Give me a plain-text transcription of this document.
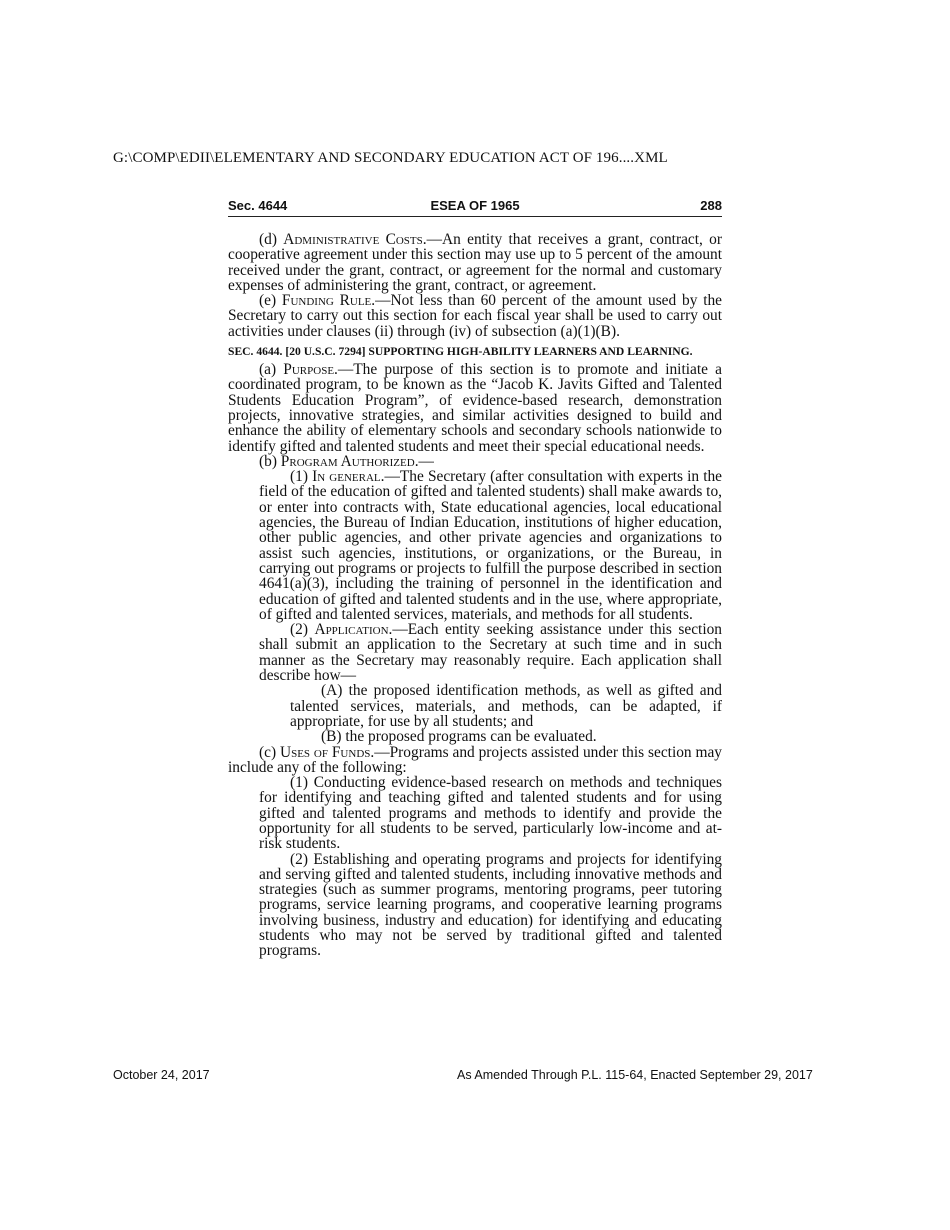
G:\COMP\EDII\ELEMENTARY AND SECONDARY EDUCATION ACT OF 196....XML
Sec. 4644	ESEA OF 1965	288

(d) Administrative Costs.—An entity that receives a grant, contract, or cooperative agreement under this section may use up to 5 percent of the amount received under the grant, contract, or agreement for the normal and customary expenses of administering the grant, contract, or agreement.

(e) Funding Rule.—Not less than 60 percent of the amount used by the Secretary to carry out this section for each fiscal year shall be used to carry out activities under clauses (ii) through (iv) of subsection (a)(1)(B).

SEC. 4644. [20 U.S.C. 7294] SUPPORTING HIGH-ABILITY LEARNERS AND LEARNING.

(a) Purpose.—The purpose of this section is to promote and initiate a coordinated program, to be known as the “Jacob K. Javits Gifted and Talented Students Education Program”, of evidence-based research, demonstration projects, innovative strategies, and similar activities designed to build and enhance the ability of elementary schools and secondary schools nationwide to identify gifted and talented students and meet their special educational needs.

(b) Program Authorized.—

(1) In general.—The Secretary (after consultation with experts in the field of the education of gifted and talented students) shall make awards to, or enter into contracts with, State educational agencies, local educational agencies, the Bureau of Indian Education, institutions of higher education, other public agencies, and other private agencies and organizations to assist such agencies, institutions, or organizations, or the Bureau, in carrying out programs or projects to fulfill the purpose described in section 4641(a)(3), including the training of personnel in the identification and education of gifted and talented students and in the use, where appropriate, of gifted and talented services, materials, and methods for all students.

(2) Application.—Each entity seeking assistance under this section shall submit an application to the Secretary at such time and in such manner as the Secretary may reasonably require. Each application shall describe how—

(A) the proposed identification methods, as well as gifted and talented services, materials, and methods, can be adapted, if appropriate, for use by all students; and

(B) the proposed programs can be evaluated.

(c) Uses of Funds.—Programs and projects assisted under this section may include any of the following:

(1) Conducting evidence-based research on methods and techniques for identifying and teaching gifted and talented students and for using gifted and talented programs and methods to identify and provide the opportunity for all students to be served, particularly low-income and at-risk students.

(2) Establishing and operating programs and projects for identifying and serving gifted and talented students, including innovative methods and strategies (such as summer programs, mentoring programs, peer tutoring programs, service learning programs, and cooperative learning programs involving business, industry and education) for identifying and educating students who may not be served by traditional gifted and talented programs.

October 24, 2017	As Amended Through P.L. 115-64, Enacted September 29, 2017
